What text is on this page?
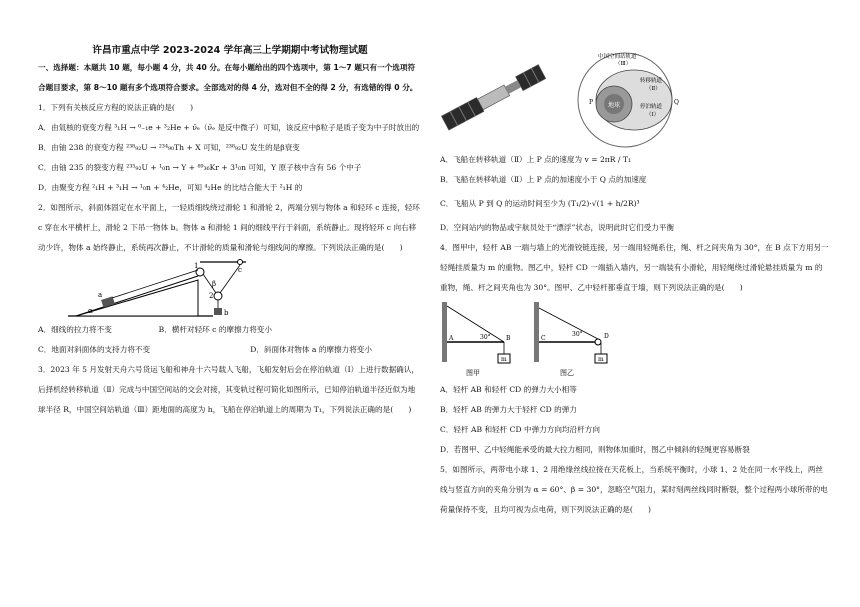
许昌市重点中学 2023-2024 学年高三上学期期中考试物理试题

一、选择题：本题共 10 题，每小题 4 分，共 40 分。在每小题给出的四个选项中，第 1～7 题只有一个选项符合题目要求，第 8～10 题有多个选项符合要求。全部选对的得 4 分，选对但不全的得 2 分，有选错的得 0 分。

1．下列有关核反应方程的说法正确的是(　　)

A．由氚核的衰变方程 ³₁H → ⁰₋₁e + ³₂He + ν̄ₑ（ν̄ₑ 是反中微子）可知，该反应中β粒子是质子变为中子时放出的

B．由铀 238 的衰变方程 ²³⁸₉₂U → ²³⁴₉₀Th + X 可知，²³⁸₉₂U 发生的是β衰变

C．由铀 235 的裂变方程 ²³⁵₉₂U + ¹₀n → Y + ⁸⁹₃₆Kr + 3¹₀n 可知，Y 原子核中含有 56 个中子

D．由聚变方程 ²₁H + ³₁H → ¹₀n + ⁴₂He，可知 ⁴₂He 的比结合能大于 ²₁H 的

2．如图所示，斜面体固定在水平面上，一轻质细线绕过滑轮 1 和滑轮 2，两端分别与物体 a 和轻环 c 连接，轻环 c 穿在水平横杆上，滑轮 2 下吊一物体 b。物体 a 和滑轮 1 间的细线平行于斜面，系统静止。现将轻环 c 向右移动少许，物体 a 始终静止，系统再次静止，不计滑轮的质量和滑轮与细线间的摩擦。下列说法正确的是(　　)

a
α
1
2
β
b
c
A．细线的拉力将不变	B．横杆对轻环 c 的摩擦力将变小
C．地面对斜面体的支持力将不变	D．斜面体对物体 a 的摩擦力将变小

3．2023 年 5 月发射天舟六号货运飞船和神舟十六号载人飞船，飞船发射后会在停泊轨道（Ⅰ）上进行数据确认，后择机经转移轨道（Ⅱ）完成与中国空间站的交会对接，其变轨过程可简化如图所示，已知停泊轨道半径近似为地球半径 R，中国空间站轨道（Ⅲ）距地面的高度为 h，飞船在停泊轨道上的周期为 T₁，下列说法正确的是(　　)

地球
中国空间站轨道
（Ⅲ）
转移轨道
（Ⅱ）
停泊轨道
（Ⅰ）
P	Q

A．飞船在转移轨道（Ⅱ）上 P 点的速度为 v = 2πR / T₁

B．飞船在转移轨道（Ⅱ）上 P 点的加速度小于 Q 点的加速度

C．飞船从 P 到 Q 的运动时间至少为 (T₁/2)·√(1 + h/2R)³

D．空间站内的物品或宇航员处于“漂浮”状态，说明此时它们受力平衡

4．图甲中，轻杆 AB 一端与墙上的光滑铰链连接，另一端用轻绳系住，绳、杆之间夹角为 30°，在 B 点下方用另一轻绳挂质量为 m 的重物。图乙中，轻杆 CD 一端插入墙内，另一端装有小滑轮，用轻绳绕过滑轮悬挂质量为 m 的重物，绳、杆之间夹角也为 30°。图甲、乙中轻杆都垂直于墙，则下列说法正确的是(　　)

m
A	B
30°
图甲
m
C	D
30°
图乙

A．轻杆 AB 和轻杆 CD 的弹力大小相等

B．轻杆 AB 的弹力大于轻杆 CD 的弹力

C．轻杆 AB 和轻杆 CD 中弹力方向均沿杆方向

D．若图甲、乙中轻绳能承受的最大拉力相同，则物体加重时，图乙中倾斜的轻绳更容易断裂

5．如图所示，两带电小球 1、2 用绝缘丝线拉接在天花板上，当系统平衡时，小球 1、2 处在同一水平线上，两丝线与竖直方向的夹角分别为 α = 60°、β = 30°，忽略空气阻力，某时刻两丝线同时断裂，整个过程两小球所带的电荷量保持不变，且均可视为点电荷，则下列说法正确的是(　　)
